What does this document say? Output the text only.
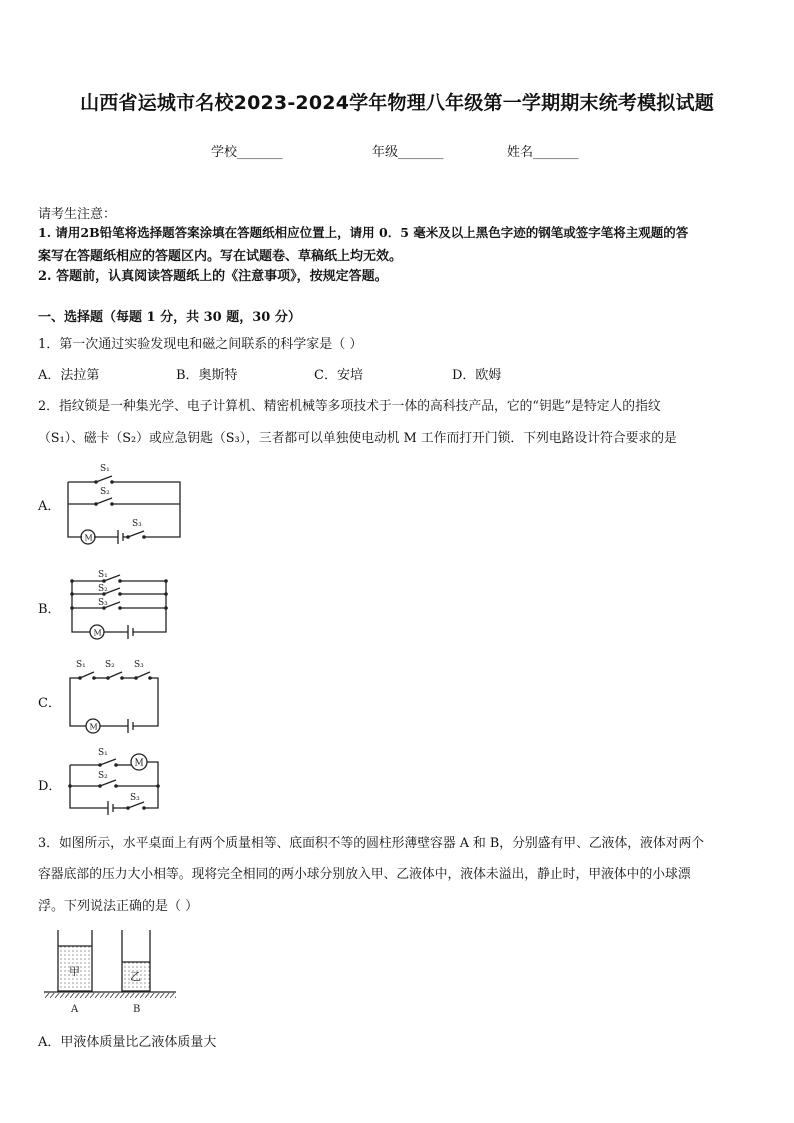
山西省运城市名校2023-2024学年物理八年级第一学期期末统考模拟试题
学校_______	年级_______	姓名_______
请考生注意：
1. 请用2B铅笔将选择题答案涂填在答题纸相应位置上，请用 0．5 毫米及以上黑色字迹的钢笔或签字笔将主观题的答
案写在答题纸相应的答题区内。写在试题卷、草稿纸上均无效。
2. 答题前，认真阅读答题纸上的《注意事项》，按规定答题。
一、选择题（每题 1 分，共 30 题，30 分）
1．第一次通过实验发现电和磁之间联系的科学家是（ ）
A．法拉第	B．奥斯特	C．安培	D．欧姆
2．指纹锁是一种集光学、电子计算机、精密机械等多项技术于一体的高科技产品，它的“钥匙”是特定人的指纹
（S₁）、磁卡（S₂）或应急钥匙（S₃），三者都可以单独使电动机 M 工作而打开门锁．下列电路设计符合要求的是
A．
S₁
S₂
S₃
M
B．
S₁
S₂
S₃
M
C．
S₁ S₂ S₃
M
D．
S₁
S₂
S₃
M
3．如图所示，水平桌面上有两个质量相等、底面积不等的圆柱形薄壁容器 A 和 B，分别盛有甲、乙液体，液体对两个
容器底部的压力大小相等。现将完全相同的两小球分别放入甲、乙液体中，液体未溢出，静止时，甲液体中的小球漂
浮。下列说法正确的是（ ）
甲	乙
A	B
A．甲液体质量比乙液体质量大
